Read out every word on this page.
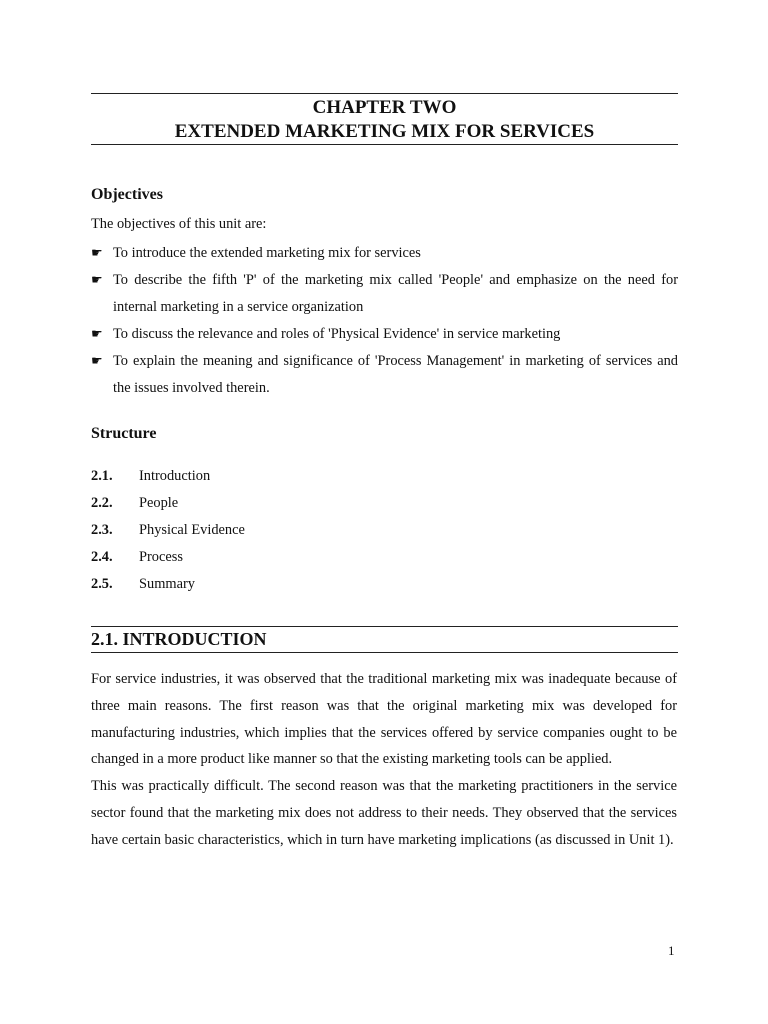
CHAPTER TWO
EXTENDED MARKETING MIX FOR SERVICES
Objectives
The objectives of this unit are:
☛ To introduce the extended marketing mix for services
☛ To describe the fifth 'P' of the marketing mix called 'People' and emphasize on the need for internal marketing in a service organization
☛ To discuss the relevance and roles of 'Physical Evidence' in service marketing
☛ To explain the meaning and significance of 'Process Management' in marketing of services and the issues involved therein.
Structure
2.1.	Introduction
2.2.	People
2.3.	Physical Evidence
2.4.	Process
2.5.	Summary
2.1. INTRODUCTION

For service industries, it was observed that the traditional marketing mix was inadequate because of three main reasons. The first reason was that the original marketing mix was developed for manufacturing industries, which implies that the services offered by service companies ought to be changed in a more product like manner so that the existing marketing tools can be applied.

This was practically difficult. The second reason was that the marketing practitioners in the service sector found that the marketing mix does not address to their needs. They observed that the services have certain basic characteristics, which in turn have marketing implications (as discussed in Unit 1).

1
